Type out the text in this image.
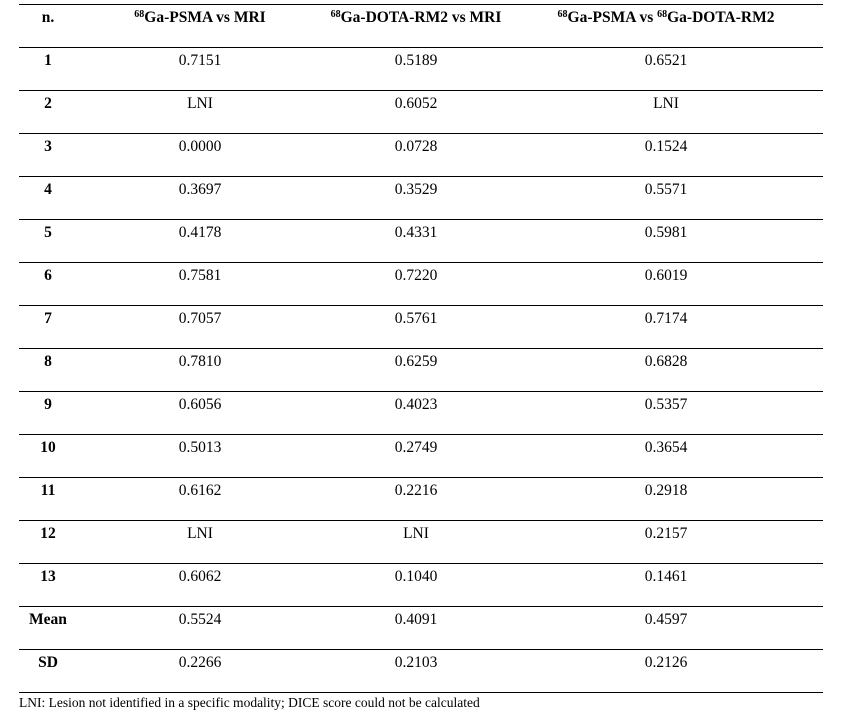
n.	$^{68}$Ga-PSMA vs MRI	$^{68}$Ga-DOTA-RM2 vs MRI	$^{68}$Ga-PSMA vs $^{68}$Ga-DOTA-RM2
1	0.7151	0.5189	0.6521
2	LNI	0.6052	LNI
3	0.0000	0.0728	0.1524
4	0.3697	0.3529	0.5571
5	0.4178	0.4331	0.5981
6	0.7581	0.7220	0.6019
7	0.7057	0.5761	0.7174
8	0.7810	0.6259	0.6828
9	0.6056	0.4023	0.5357
10	0.5013	0.2749	0.3654
11	0.6162	0.2216	0.2918
12	LNI	LNI	0.2157
13	0.6062	0.1040	0.1461
Mean	0.5524	0.4091	0.4597
SD	0.2266	0.2103	0.2126
LNI: Lesion not identified in a specific modality; DICE score could not be calculated
